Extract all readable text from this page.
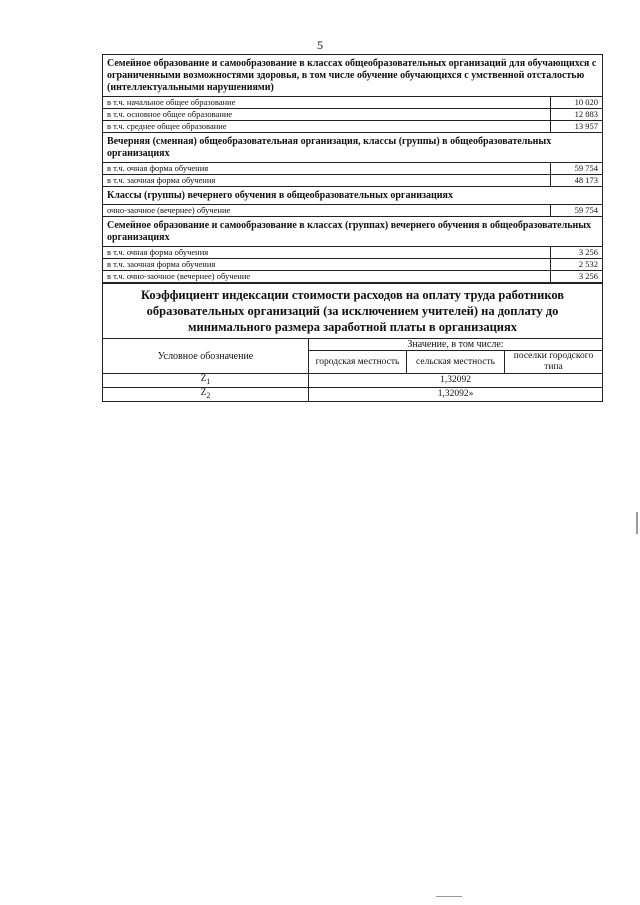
5
Семейное образование и самообразование в классах общеобразовательных организаций для обучающихся с ограниченными возможностями здоровья, в том числе обучение обучающихся с умственной отсталостью (интеллектуальными нарушениями)	
в т.ч. начальное общее образование	10 020
в т.ч. основное общее образование	12 883
в т.ч. среднее общее образование	13 957
Вечерняя (сменная) общеобразовательная организация, классы (группы) в общеобразовательных организациях	
в т.ч. очная форма обучения	59 754
в т.ч. заочная форма обучения	48 173
Классы (группы) вечернего обучения в общеобразовательных организациях	
очно-заочное (вечернее) обучение	59 754
Семейное образование и самообразование в классах (группах) вечернего обучения в общеобразовательных организациях	
в т.ч. очная форма обучения	3 256
в т.ч. заочная форма обучения	2 532
в т.ч. очно-заочное (вечернее) обучение	3 256
Коэффициент индексации стоимости расходов на оплату труда работников образовательных организаций (за исключением учителей) на доплату до минимального размера заработной платы в организациях			
Условное обозначение	Значение, в том числе:		
	городская местность	сельская местность	поселки городского типа
$Z_1$	1,32092		
$Z_2$	1,32092»		
